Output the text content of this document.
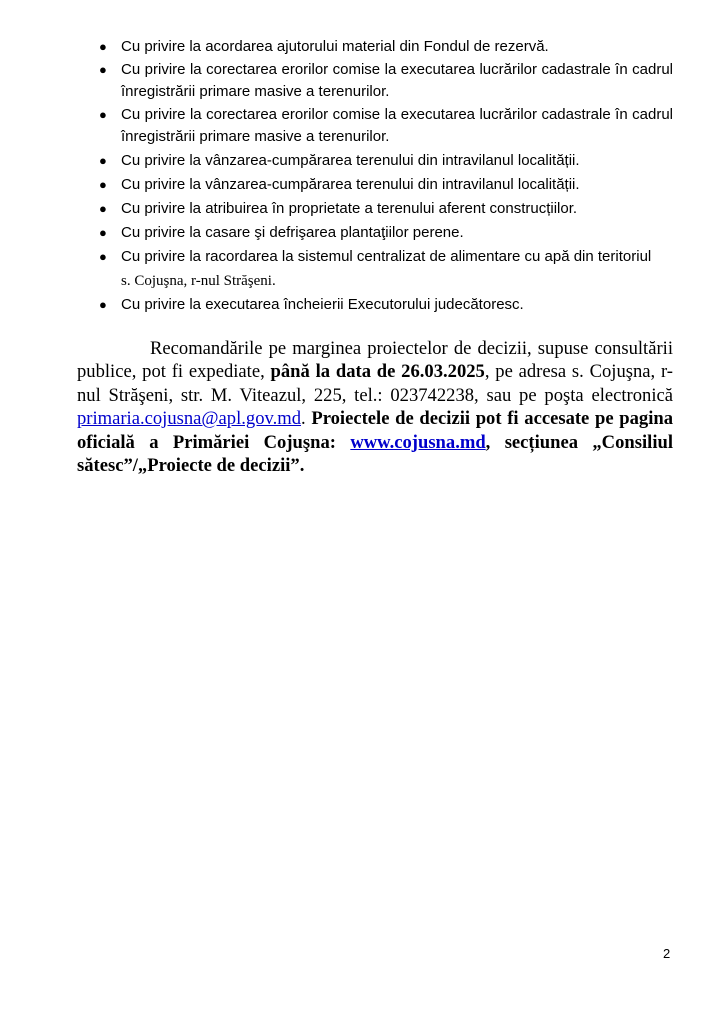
● Cu privire la acordarea ajutorului material din Fondul de rezervă.
● Cu privire la corectarea erorilor comise la executarea lucrărilor cadastrale în cadrul înregistrării primare masive a terenurilor.
● Cu privire la corectarea erorilor comise la executarea lucrărilor cadastrale în cadrul înregistrării primare masive a terenurilor.
● Cu privire la vânzarea-cumpărarea terenului din intravilanul localității.
● Cu privire la vânzarea-cumpărarea terenului din intravilanul localității.
● Cu privire la atribuirea în proprietate a terenului aferent construcțiilor.
● Cu privire la casare şi defrişarea plantaţiilor perene.
● Cu privire la racordarea la sistemul centralizat de alimentare cu apă din teritoriul
s. Cojuşna, r-nul Străşeni.
● Cu privire la executarea încheierii Executorului judecătoresc.

Recomandările pe marginea proiectelor de decizii, supuse consultării publice, pot fi expediate, până la data de 26.03.2025, pe adresa s. Cojuşna, r-nul Străşeni, str. M. Viteazul, 225, tel.: 023742238, sau pe poşta electronică primaria.cojusna@apl.gov.md. Proiectele de decizii pot fi accesate pe pagina oficială a Primăriei Cojuşna: www.cojusna.md, secțiunea „Consiliul sătesc”/„Proiecte de decizii”.

2
